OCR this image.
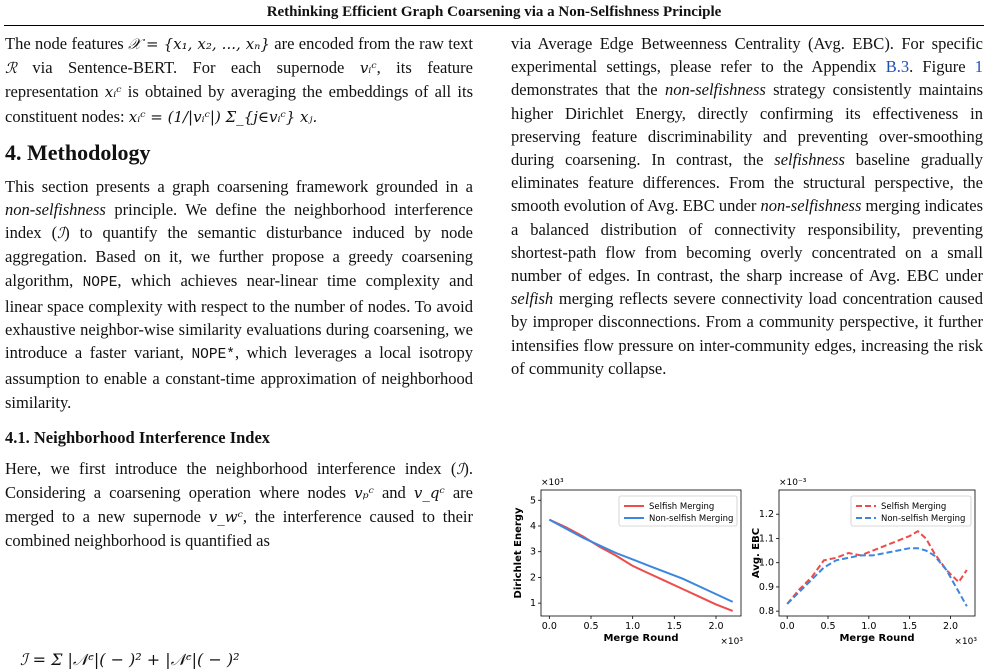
Rethinking Efficient Graph Coarsening via a Non-Selfishness Principle

The node features 𝒳 = {x₁, x₂, ..., xₙ} are encoded from the raw text ℛ via Sentence-BERT. For each supernode vᵢᶜ, its feature representation xᵢᶜ is obtained by averaging the embeddings of all its constituent nodes: xᵢᶜ = (1/|vᵢᶜ|) Σ_{j∈vᵢᶜ} xⱼ.

4. Methodology

This section presents a graph coarsening framework grounded in a non-selfishness principle. We define the neighborhood interference index (ℐ) to quantify the semantic disturbance induced by node aggregation. Based on it, we further propose a greedy coarsening algorithm, NOPE, which achieves near-linear time complexity and linear space complexity with respect to the number of nodes. To avoid exhaustive neighbor-wise similarity evaluations during coarsening, we introduce a faster variant, NOPE*, which leverages a local isotropy assumption to enable a constant-time approximation of neighborhood similarity.

4.1. Neighborhood Interference Index

Here, we first introduce the neighborhood interference index (ℐ). Considering a coarsening operation where nodes vₚᶜ and v_qᶜ are merged to a new supernode v_wᶜ, the interference caused to their combined neighborhood is quantified as

ℐ = Σ |𝒩ᶜ|( − )² + |𝒩ᶜ|( − )²

via Average Edge Betweenness Centrality (Avg. EBC). For specific experimental settings, please refer to the Appendix B.3. Figure 1 demonstrates that the non-selfishness strategy consistently maintains higher Dirichlet Energy, directly confirming its effectiveness in preserving feature discriminability and preventing over-smoothing during coarsening. In contrast, the selfishness baseline gradually eliminates feature differences. From the structural perspective, the smooth evolution of Avg. EBC under non-selfishness merging indicates a balanced distribution of connectivity responsibility, preventing shortest-path flow from becoming overly concentrated on a small number of edges. In contrast, the sharp increase of Avg. EBC under selfish merging reflects severe connectivity load concentration caused by improper disconnections. From a community perspective, it further intensifies flow pressure on inter-community edges, increasing the risk of community collapse.

×10³
×10³
0.0	0.5	1.0	1.5	2.0
1
2
3
4
5
Merge Round
Dirichlet Energy
Selfish Merging
Non-selfish Merging
×10⁻³
×10³
0.0	0.5	1.0	1.5	2.0
0.8
0.9
1.0
1.1
1.2
Merge Round
Avg. EBC
Selfish Merging
Non-selfish Merging
